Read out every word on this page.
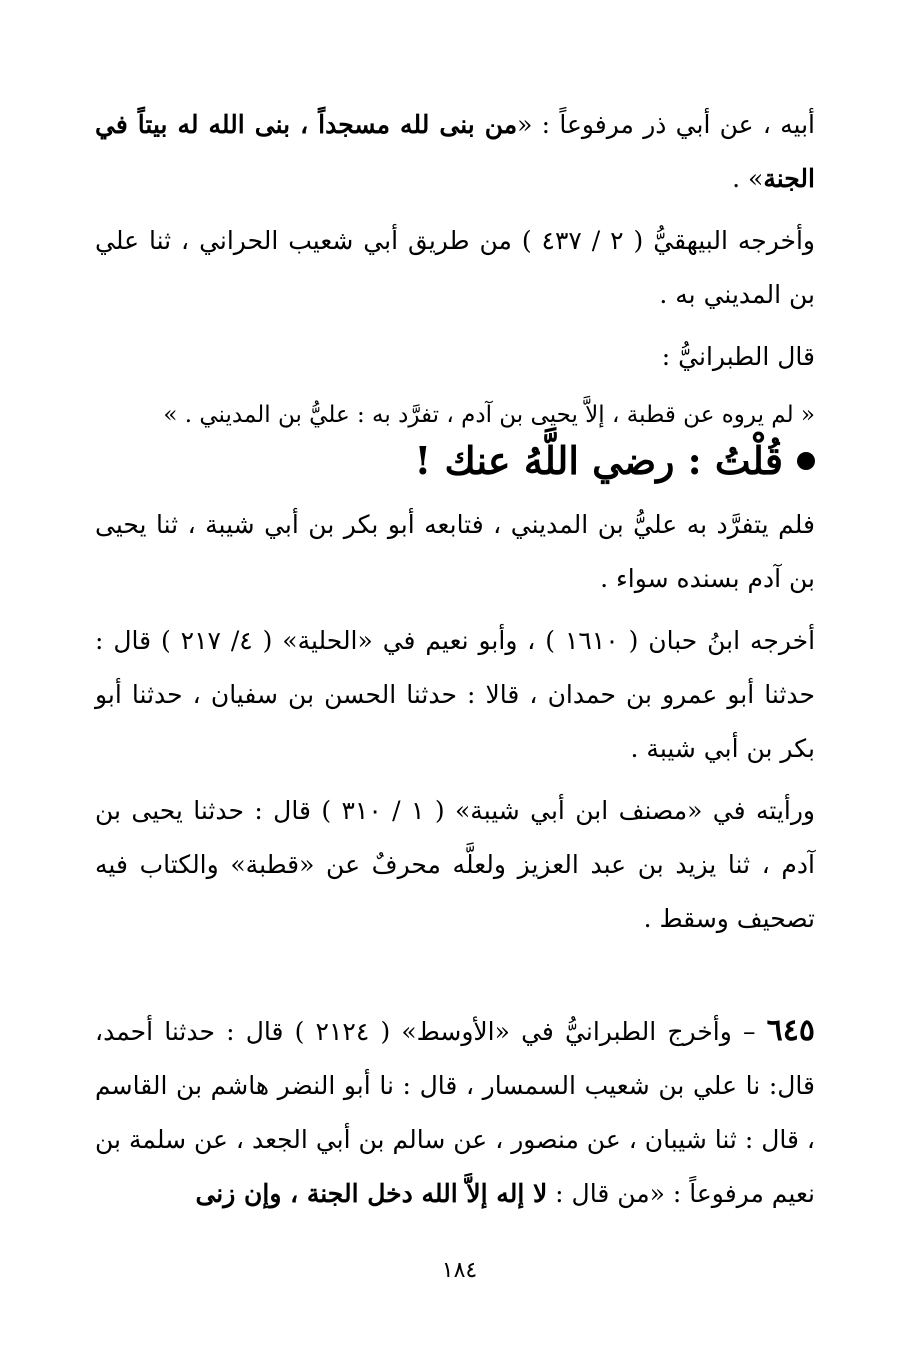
أبيه ، عن أبي ذر مرفوعاً : «من بنى لله مسجداً ، بنى الله له بيتاً في الجنة» .

وأخرجه البيهقيُّ ( ٢ / ٤٣٧ ) من طريق أبي شعيب الحراني ، ثنا علي بن المديني به .

قال الطبرانيُّ :

« لم يروه عن قطبة ، إلاَّ يحيى بن آدم ، تفرَّد به : عليُّ بن المديني . »

قُلْتُ : رضي اللَّهُ عنك !

فلم يتفرَّد به عليُّ بن المديني ، فتابعه أبو بكر بن أبي شيبة ، ثنا يحيى بن آدم بسنده سواء .

أخرجه ابنُ حبان ( ١٦١٠ ) ، وأبو نعيم في «الحلية» ( ٤/ ٢١٧ ) قال : حدثنا أبو عمرو بن حمدان ، قالا : حدثنا الحسن بن سفيان ، حدثنا أبو بكر بن أبي شيبة .

ورأيته في «مصنف ابن أبي شيبة» ( ١ / ٣١٠ ) قال : حدثنا يحيى بن آدم ، ثنا يزيد بن عبد العزيز ولعلَّه محرفٌ عن «قطبة» والكتاب فيه تصحيف وسقط .

٦٤٥ – وأخرج الطبرانيُّ في «الأوسط» ( ٢١٢٤ ) قال : حدثنا أحمد، قال: نا علي بن شعيب السمسار ، قال : نا أبو النضر هاشم بن القاسم ، قال : ثنا شيبان ، عن منصور ، عن سالم بن أبي الجعد ، عن سلمة بن نعيم مرفوعاً : «من قال : لا إله إلاَّ الله دخل الجنة ، وإن زنى

١٨٤
